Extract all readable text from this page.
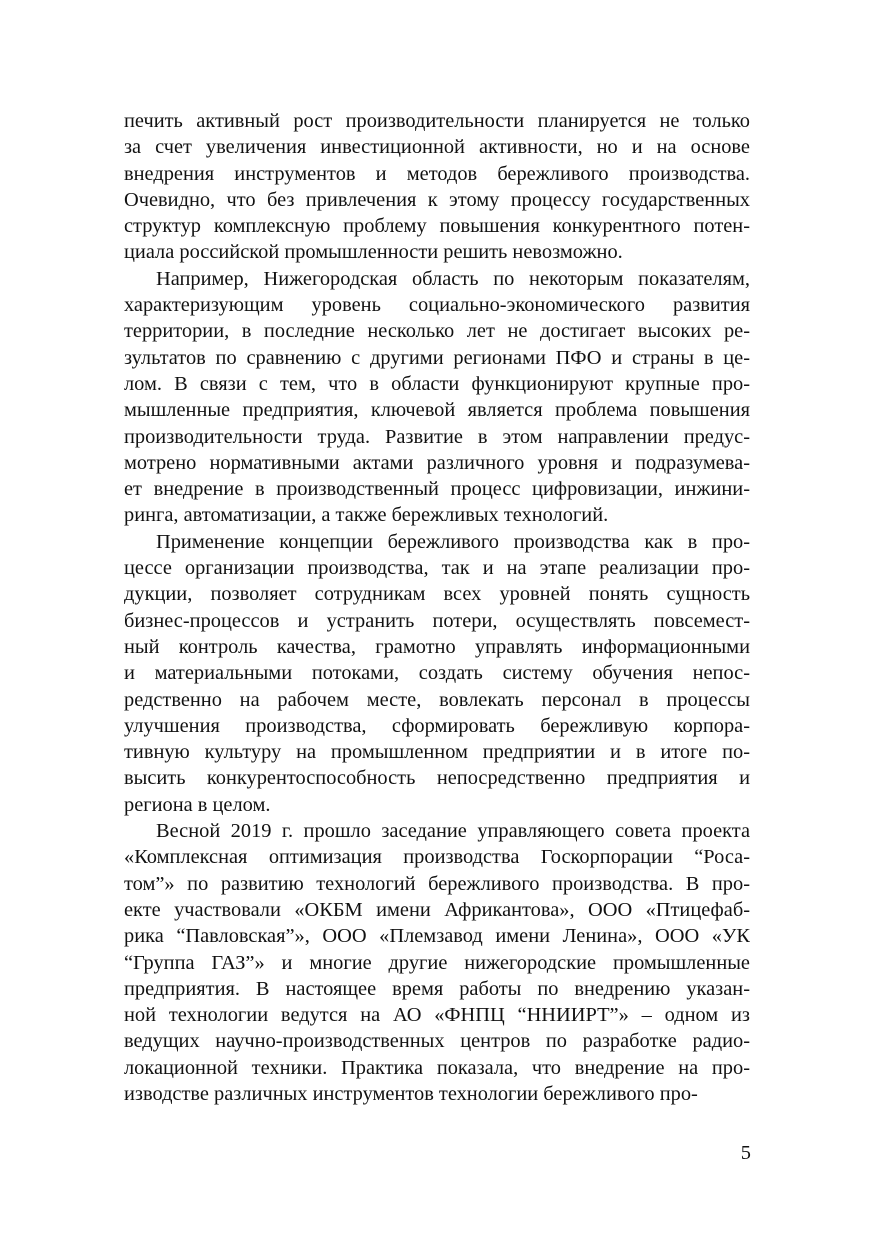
печить активный рост производительности планируется не только
за счет увеличения инвестиционной активности, но и на основе
внедрения инструментов и методов бережливого производства.
Очевидно, что без привлечения к этому процессу государственных
структур комплексную проблему повышения конкурентного потен-
циала российской промышленности решить невозможно.
Например, Нижегородская область по некоторым показателям,
характеризующим уровень социально-экономического развития
территории, в последние несколько лет не достигает высоких ре-
зультатов по сравнению с другими регионами ПФО и страны в це-
лом. В связи с тем, что в области функционируют крупные про-
мышленные предприятия, ключевой является проблема повышения
производительности труда. Развитие в этом направлении предус-
мотрено нормативными актами различного уровня и подразумева-
ет внедрение в производственный процесс цифровизации, инжини-
ринга, автоматизации, а также бережливых технологий.
Применение концепции бережливого производства как в про-
цессе организации производства, так и на этапе реализации про-
дукции, позволяет сотрудникам всех уровней понять сущность
бизнес-процессов и устранить потери, осуществлять повсемест-
ный контроль качества, грамотно управлять информационными
и материальными потоками, создать систему обучения непос-
редственно на рабочем месте, вовлекать персонал в процессы
улучшения производства, сформировать бережливую корпора-
тивную культуру на промышленном предприятии и в итоге по-
высить конкурентоспособность непосредственно предприятия и
региона в целом.
Весной 2019 г. прошло заседание управляющего совета проекта
«Комплексная оптимизация производства Госкорпорации “Роса-
том”» по развитию технологий бережливого производства. В про-
екте участвовали «ОКБМ имени Африкантова», ООО «Птицефаб-
рика “Павловская”», ООО «Племзавод имени Ленина», ООО «УК
“Группа ГАЗ”» и многие другие нижегородские промышленные
предприятия. В настоящее время работы по внедрению указан-
ной технологии ведутся на АО «ФНПЦ “ННИИРТ”» – одном из
ведущих научно-производственных центров по разработке радио-
локационной техники. Практика показала, что внедрение на про-
изводстве различных инструментов технологии бережливого про-
5
